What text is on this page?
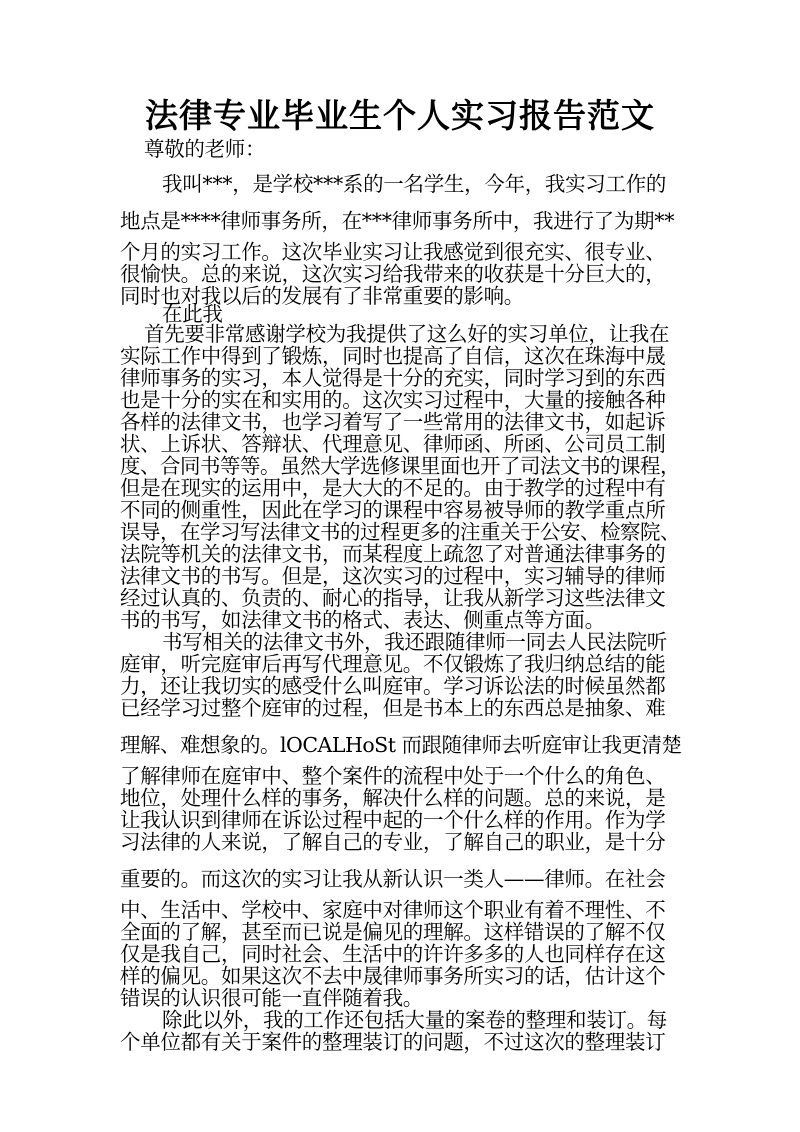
法律专业毕业生个人实习报告范文
尊敬的老师：
我叫***，是学校***系的一名学生，今年，我实习工作的
地点是****律师事务所，在***律师事务所中，我进行了为期**
个月的实习工作。这次毕业实习让我感觉到很充实、很专业、
很愉快。总的来说，这次实习给我带来的收获是十分巨大的，
同时也对我以后的发展有了非常重要的影响。
在此我
首先要非常感谢学校为我提供了这么好的实习单位，让我在
实际工作中得到了锻炼，同时也提高了自信，这次在珠海中晟
律师事务的实习，本人觉得是十分的充实，同时学习到的东西
也是十分的实在和实用的。这次实习过程中，大量的接触各种
各样的法律文书，也学习着写了一些常用的法律文书，如起诉
状、上诉状、答辩状、代理意见、律师函、所函、公司员工制
度、合同书等等。虽然大学选修课里面也开了司法文书的课程，
但是在现实的运用中，是大大的不足的。由于教学的过程中有
不同的侧重性，因此在学习的课程中容易被导师的教学重点所
误导，在学习写法律文书的过程更多的注重关于公安、检察院、
法院等机关的法律文书，而某程度上疏忽了对普通法律事务的
法律文书的书写。但是，这次实习的过程中，实习辅导的律师
经过认真的、负责的、耐心的指导，让我从新学习这些法律文
书的书写，如法律文书的格式、表达、侧重点等方面。
书写相关的法律文书外，我还跟随律师一同去人民法院听
庭审，听完庭审后再写代理意见。不仅锻炼了我归纳总结的能
力，还让我切实的感受什么叫庭审。学习诉讼法的时候虽然都
已经学习过整个庭审的过程，但是书本上的东西总是抽象、难
理解、难想象的。lOCALHoSt 而跟随律师去听庭审让我更清楚
了解律师在庭审中、整个案件的流程中处于一个什么的角色、
地位，处理什么样的事务，解决什么样的问题。总的来说，是
让我认识到律师在诉讼过程中起的一个什么样的作用。作为学
习法律的人来说，了解自己的专业，了解自己的职业，是十分
重要的。而这次的实习让我从新认识一类人——律师。在社会
中、生活中、学校中、家庭中对律师这个职业有着不理性、不
全面的了解，甚至而已说是偏见的理解。这样错误的了解不仅
仅是我自己，同时社会、生活中的许许多多的人也同样存在这
样的偏见。如果这次不去中晟律师事务所实习的话，估计这个
错误的认识很可能一直伴随着我。
除此以外，我的工作还包括大量的案卷的整理和装订。每
个单位都有关于案件的整理装订的问题，不过这次的整理装订
